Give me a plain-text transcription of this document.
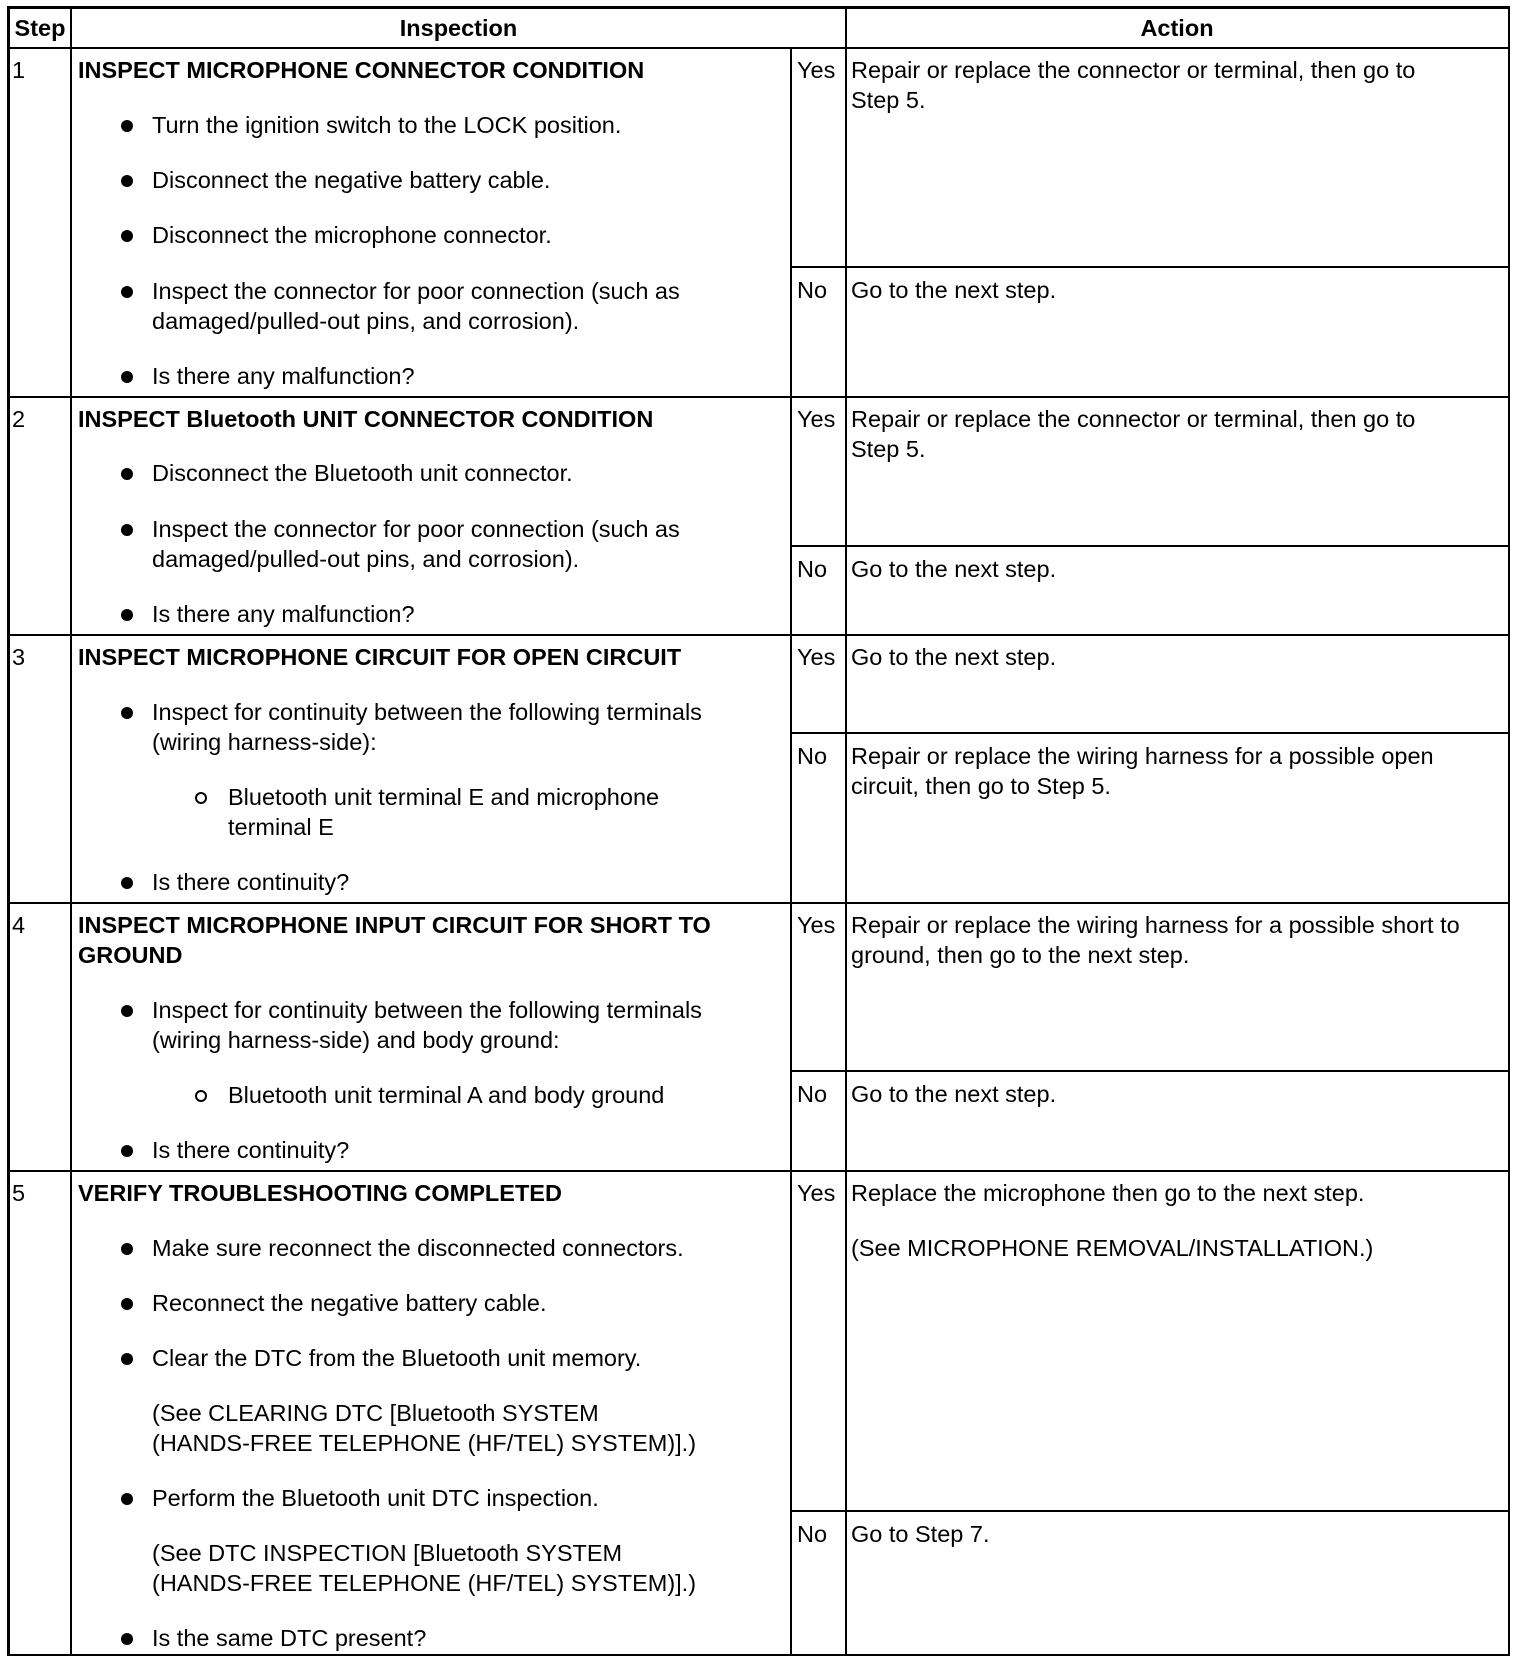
Step	Inspection	Action
1 INSPECT MICROPHONE CONNECTOR CONDITION
Turn the ignition switch to the LOCK position.
Disconnect the negative battery cable.
Disconnect the microphone connector.
Inspect the connector for poor connection (such as
damaged/pulled-out pins, and corrosion).
Is there any malfunction?
Yes Repair or replace the connector or terminal, then go to
Step 5.
No Go to the next step.
2 INSPECT Bluetooth UNIT CONNECTOR CONDITION
Disconnect the Bluetooth unit connector.
Inspect the connector for poor connection (such as
damaged/pulled-out pins, and corrosion).
Is there any malfunction?
Yes Repair or replace the connector or terminal, then go to
Step 5.
No Go to the next step.
3 INSPECT MICROPHONE CIRCUIT FOR OPEN CIRCUIT
Inspect for continuity between the following terminals
(wiring harness-side):
Bluetooth unit terminal E and microphone
terminal E
Is there continuity?
Yes Go to the next step.
No Repair or replace the wiring harness for a possible open
circuit, then go to Step 5.
4 INSPECT MICROPHONE INPUT CIRCUIT FOR SHORT TO
GROUND
Inspect for continuity between the following terminals
(wiring harness-side) and body ground:
Bluetooth unit terminal A and body ground
Is there continuity?
Yes Repair or replace the wiring harness for a possible short to
ground, then go to the next step.
No Go to the next step.
5 VERIFY TROUBLESHOOTING COMPLETED
Make sure reconnect the disconnected connectors.
Reconnect the negative battery cable.
Clear the DTC from the Bluetooth unit memory.
(See CLEARING DTC [Bluetooth SYSTEM
(HANDS-FREE TELEPHONE (HF/TEL) SYSTEM)].)
Perform the Bluetooth unit DTC inspection.
(See DTC INSPECTION [Bluetooth SYSTEM
(HANDS-FREE TELEPHONE (HF/TEL) SYSTEM)].)
Is the same DTC present?
Yes Replace the microphone then go to the next step.
(See MICROPHONE REMOVAL/INSTALLATION.)
No Go to Step 7.
